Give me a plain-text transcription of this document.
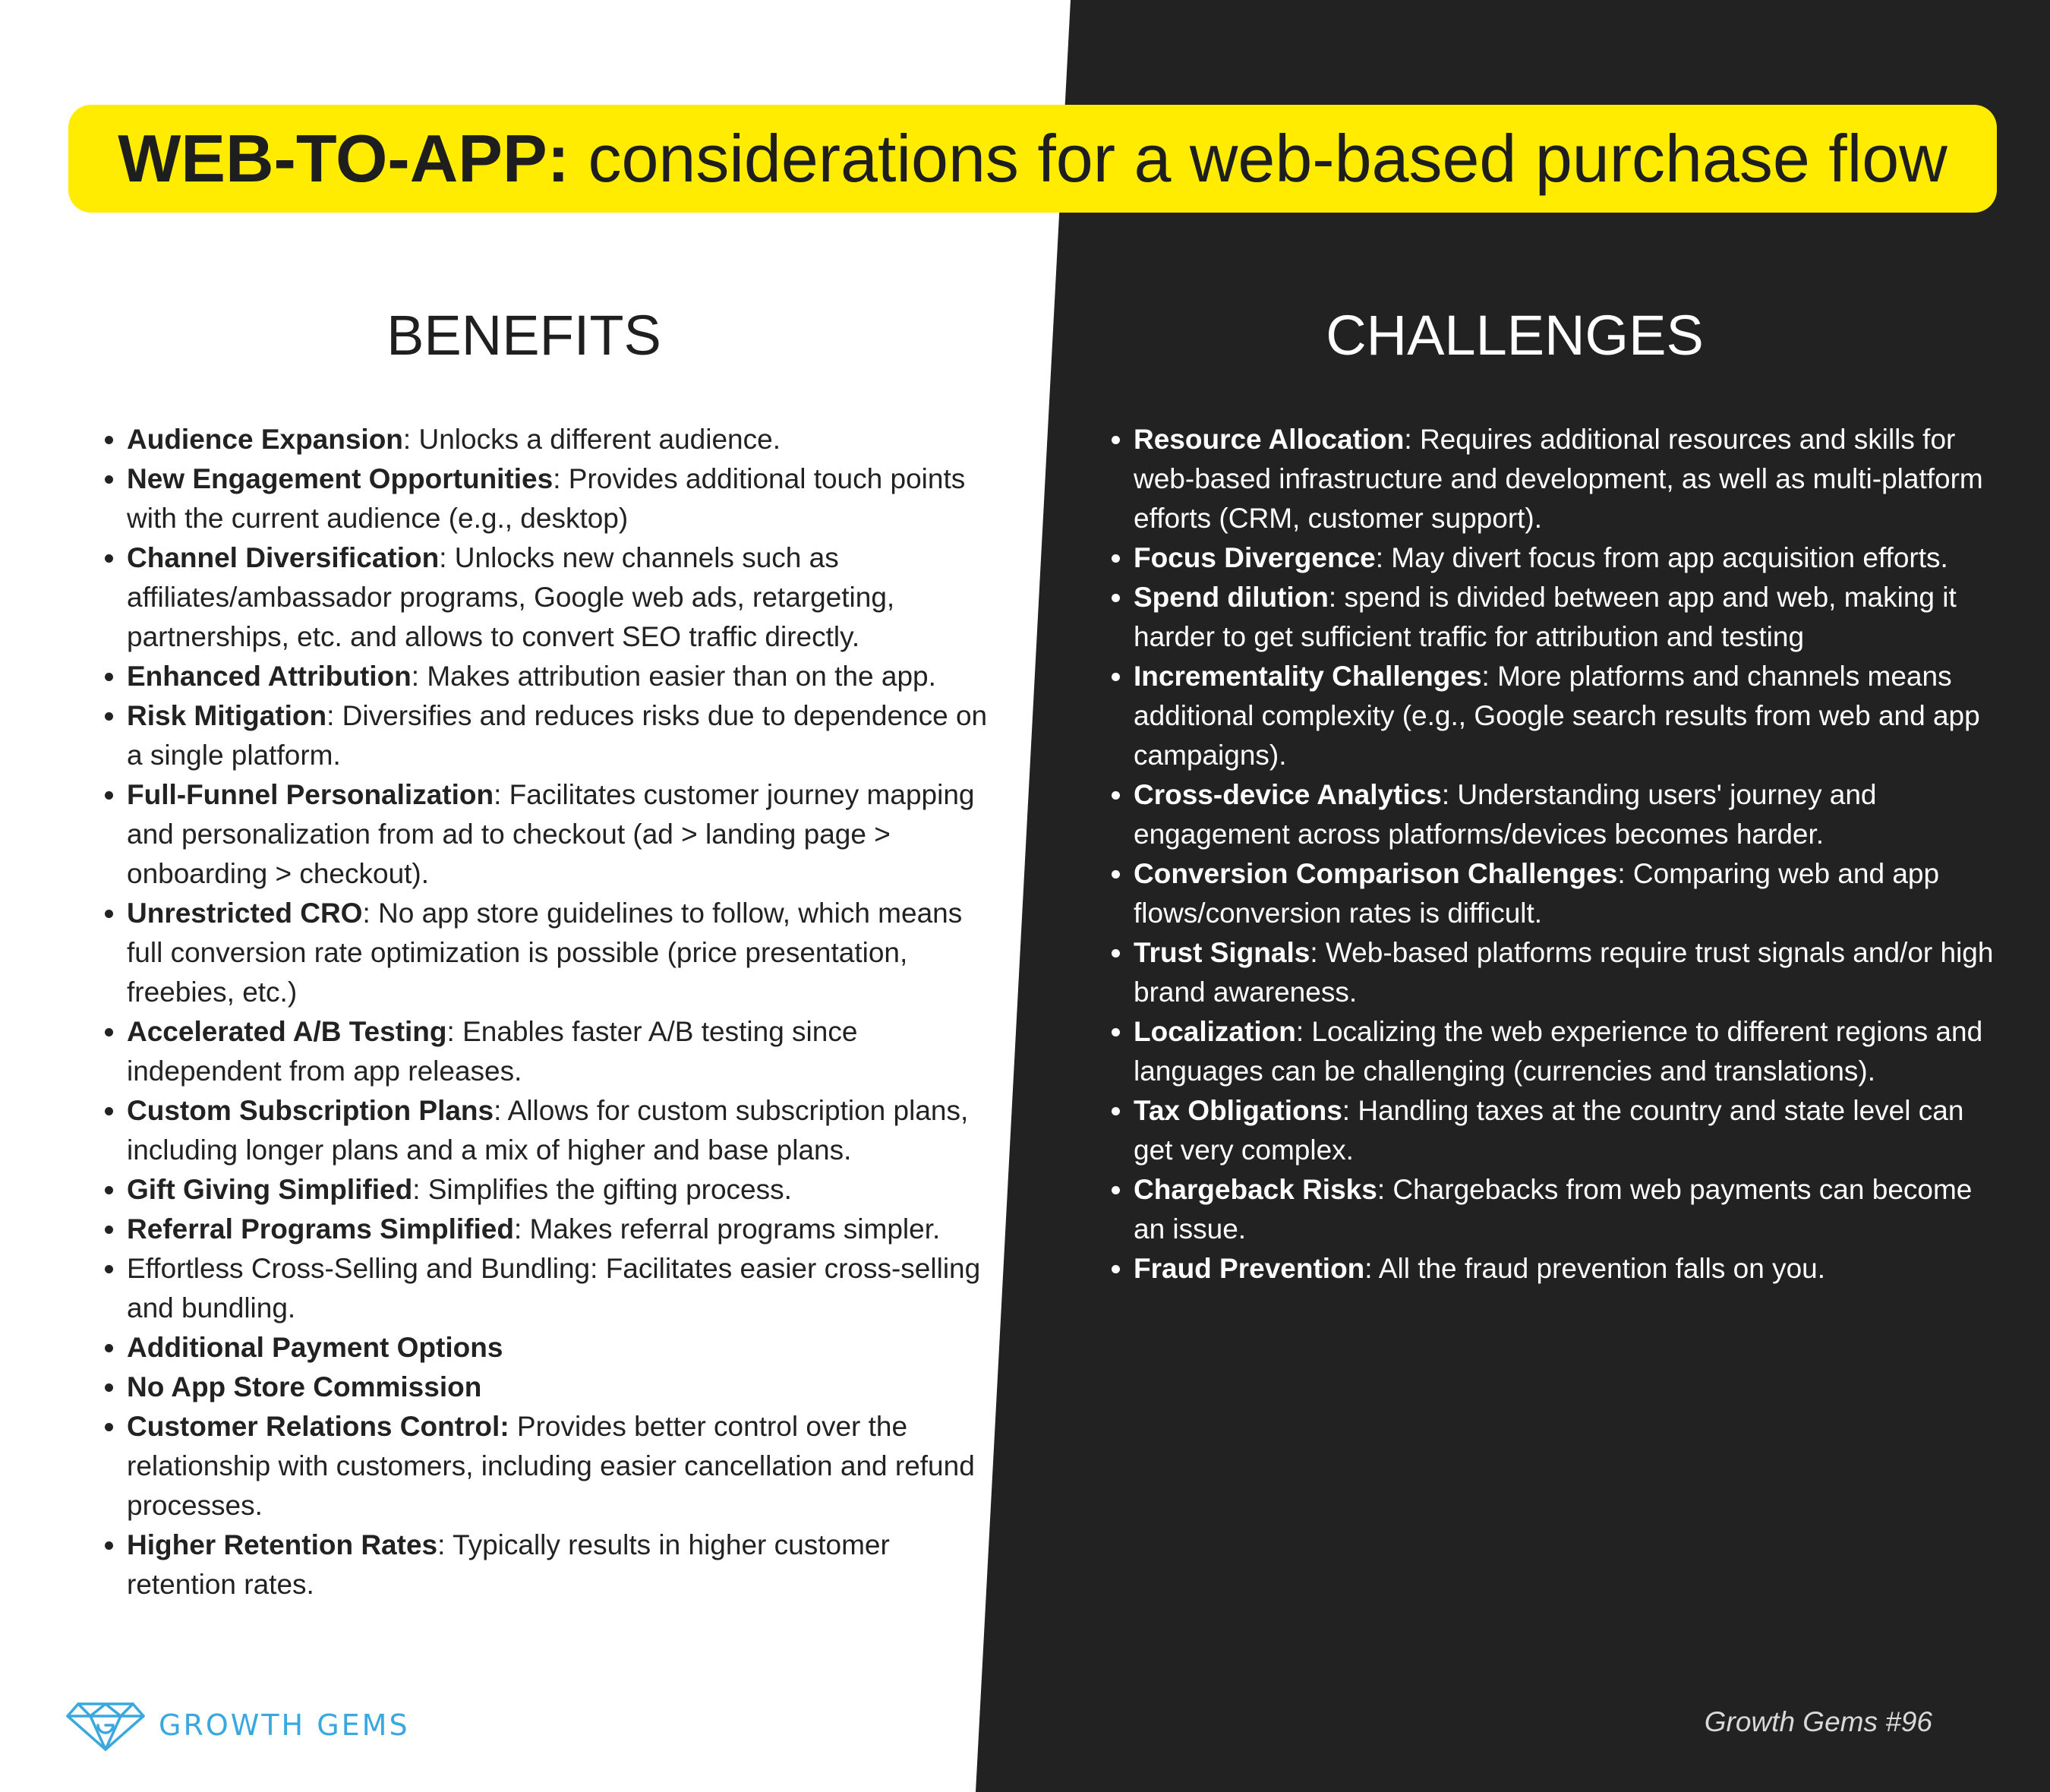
WEB-TO-APP:
considerations for a web-based purchase flow
BENEFITS	CHALLENGES
• Audience Expansion: Unlocks a different audience.
• New Engagement Opportunities: Provides additional touch points with the current audience (e.g., desktop)
• Channel Diversification: Unlocks new channels such as affiliates/ambassador programs, Google web ads, retargeting, partnerships, etc. and allows to convert SEO traffic directly.
• Enhanced Attribution: Makes attribution easier than on the app.
• Risk Mitigation: Diversifies and reduces risks due to dependence on a single platform.
• Full-Funnel Personalization: Facilitates customer journey mapping and personalization from ad to checkout (ad > landing page > onboarding > checkout).
• Unrestricted CRO: No app store guidelines to follow, which means full conversion rate optimization is possible (price presentation, freebies, etc.)
• Accelerated A/B Testing: Enables faster A/B testing since independent from app releases.
• Custom Subscription Plans: Allows for custom subscription plans, including longer plans and a mix of higher and base plans.
• Gift Giving Simplified: Simplifies the gifting process.
• Referral Programs Simplified: Makes referral programs simpler.
• Effortless Cross-Selling and Bundling: Facilitates easier cross-selling and bundling.
• Additional Payment Options
• No App Store Commission
• Customer Relations Control: Provides better control over the relationship with customers, including easier cancellation and refund processes.
• Higher Retention Rates: Typically results in higher customer retention rates.
• Resource Allocation: Requires additional resources and skills for web-based infrastructure and development, as well as multi-platform efforts (CRM, customer support).
• Focus Divergence: May divert focus from app acquisition efforts.
• Spend dilution: spend is divided between app and web, making it harder to get sufficient traffic for attribution and testing
• Incrementality Challenges: More platforms and channels means additional complexity (e.g., Google search results from web and app campaigns).
• Cross-device Analytics: Understanding users' journey and engagement across platforms/devices becomes harder.
• Conversion Comparison Challenges: Comparing web and app flows/conversion rates is difficult.
• Trust Signals: Web-based platforms require trust signals and/or high brand awareness.
• Localization: Localizing the web experience to different regions and languages can be challenging (currencies and translations).
• Tax Obligations: Handling taxes at the country and state level can get very complex.
• Chargeback Risks: Chargebacks from web payments can become an issue.
• Fraud Prevention: All the fraud prevention falls on you.
GROWTH GEMS	Growth Gems #96
